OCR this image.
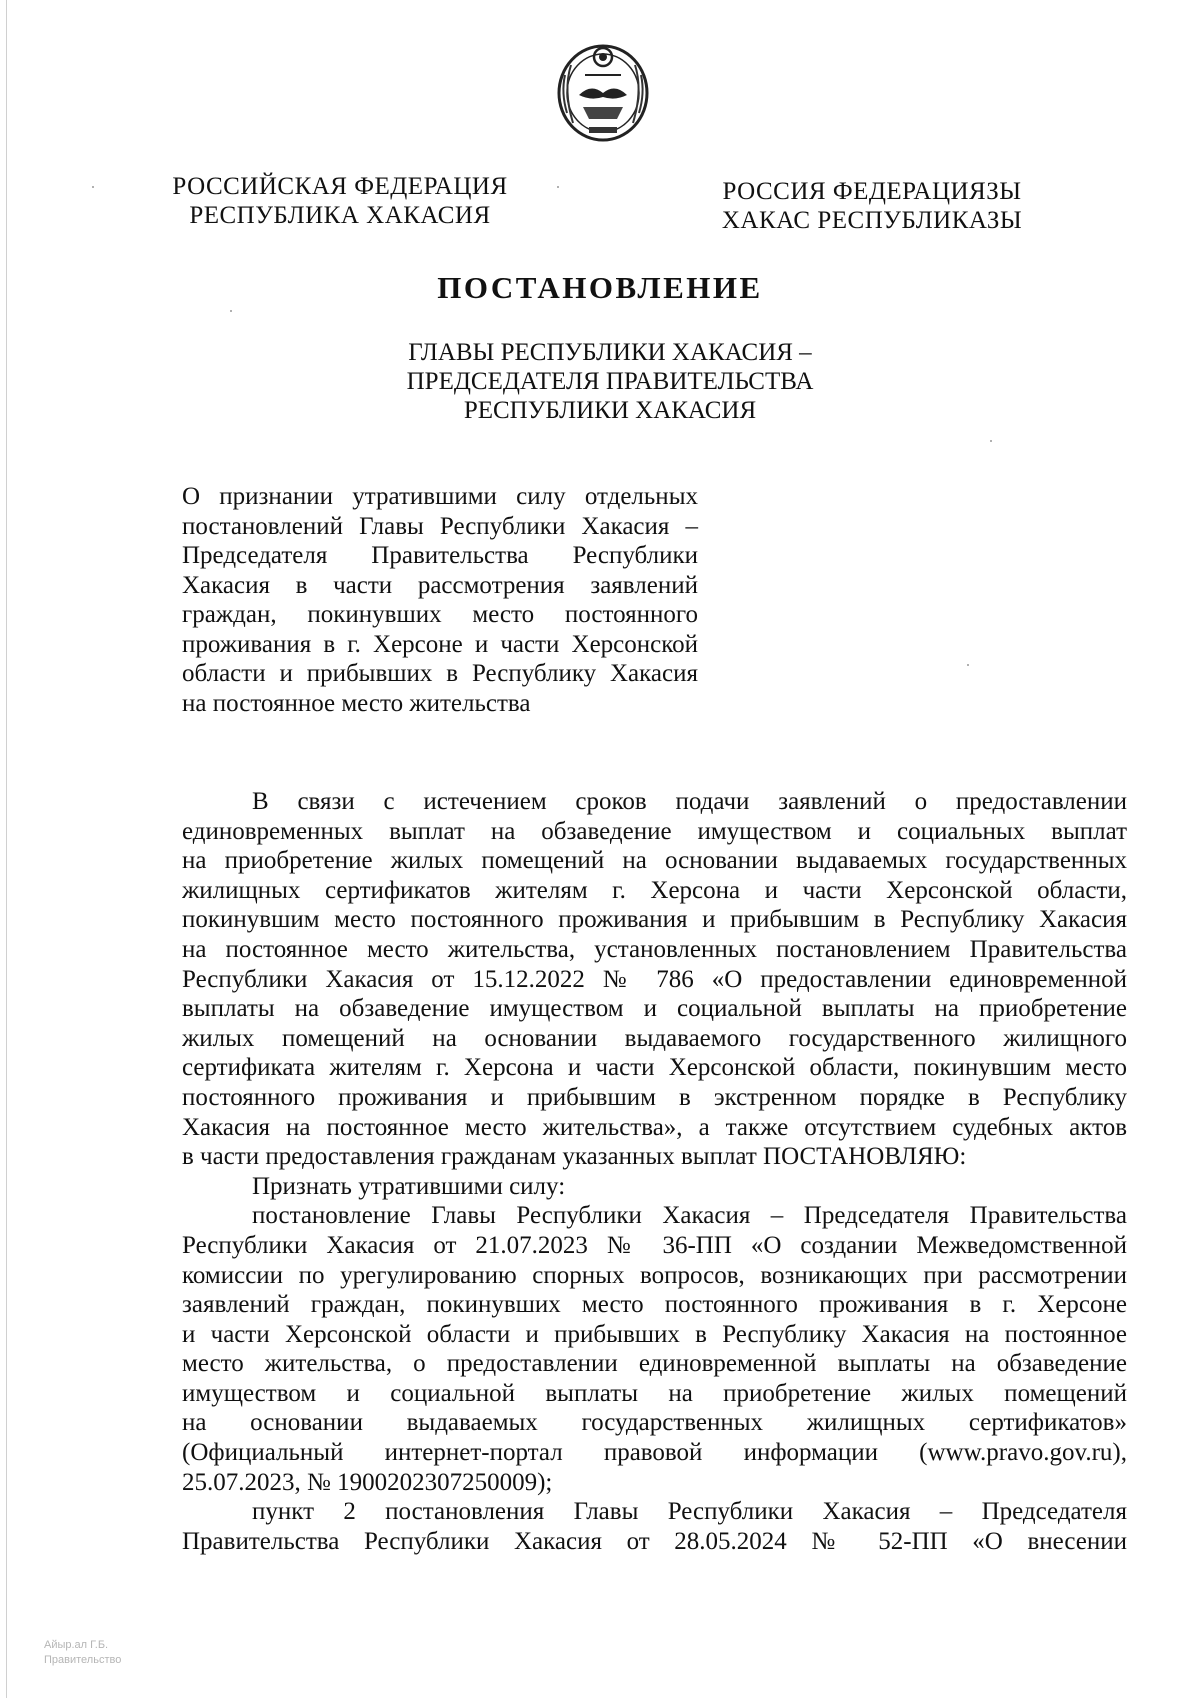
РОССИЙСКАЯ ФЕДЕРАЦИЯ
РЕСПУБЛИКА ХАКАСИЯ
РОССИЯ ФЕДЕРАЦИЯЗЫ
ХАКАС РЕСПУБЛИКАЗЫ
ПОСТАНОВЛЕНИЕ
ГЛАВЫ РЕСПУБЛИКИ ХАКАСИЯ –
ПРЕДСЕДАТЕЛЯ ПРАВИТЕЛЬСТВА
РЕСПУБЛИКИ ХАКАСИЯ
О признании утратившими силу отдельных
постановлений Главы Республики Хакасия –
Председателя Правительства Республики
Хакасия в части рассмотрения заявлений
граждан, покинувших место постоянного
проживания в г. Херсоне и части Херсонской
области и прибывших в Республику Хакасия
на постоянное место жительства
В связи с истечением сроков подачи заявлений о предоставлении
единовременных выплат на обзаведение имуществом и социальных выплат
на приобретение жилых помещений на основании выдаваемых государственных
жилищных сертификатов жителям г. Херсона и части Херсонской области,
покинувшим место постоянного проживания и прибывшим в Республику Хакасия
на постоянное место жительства, установленных постановлением Правительства
Республики Хакасия от 15.12.2022 № 786 «О предоставлении единовременной
выплаты на обзаведение имуществом и социальной выплаты на приобретение
жилых помещений на основании выдаваемого государственного жилищного
сертификата жителям г. Херсона и части Херсонской области, покинувшим место
постоянного проживания и прибывшим в экстренном порядке в Республику
Хакасия на постоянное место жительства», а также отсутствием судебных актов
в части предоставления гражданам указанных выплат ПОСТАНОВЛЯЮ:
Признать утратившими силу:
постановление Главы Республики Хакасия – Председателя Правительства
Республики Хакасия от 21.07.2023 № 36-ПП «О создании Межведомственной
комиссии по урегулированию спорных вопросов, возникающих при рассмотрении
заявлений граждан, покинувших место постоянного проживания в г. Херсоне
и части Херсонской области и прибывших в Республику Хакасия на постоянное
место жительства, о предоставлении единовременной выплаты на обзаведение
имуществом и социальной выплаты на приобретение жилых помещений
на основании выдаваемых государственных жилищных сертификатов»
(Официальный интернет-портал правовой информации (www.pravo.gov.ru),
25.07.2023, № 1900202307250009);
пункт 2 постановления Главы Республики Хакасия – Председателя
Правительства Республики Хакасия от 28.05.2024 № 52-ПП «О внесении
Айыр.ал Г.Б.
Правительство
